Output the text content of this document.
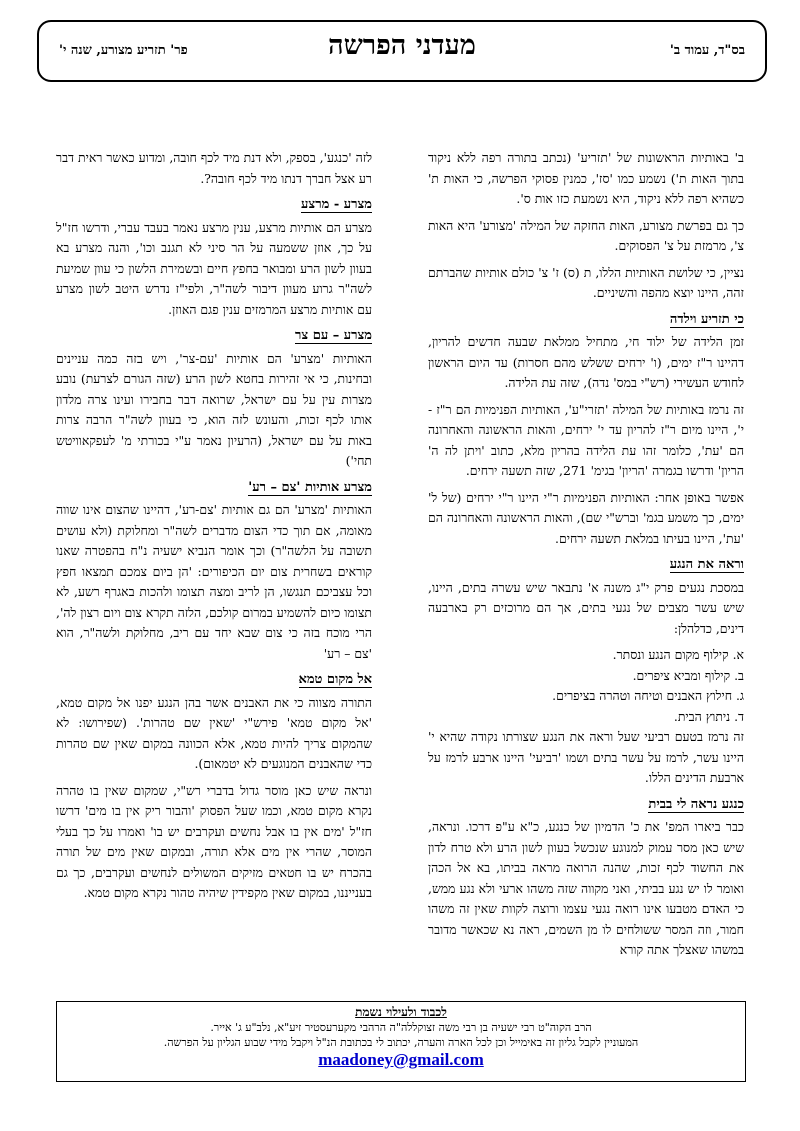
בס"ד, עמוד ב'
מעדני הפרשה
פר' תזריע מצורע, שנה י'

ב' באותיות הראשונות של 'תזריע' (נכתב בתורה רפה ללא ניקוד בתוך האות ת') נשמע כמו 'סז', כמנין פסוקי הפרשה, כי האות ת' כשהיא רפה ללא ניקוד, היא נשמעת כזו אות ס'.

כך גם בפרשת מצורע, האות החזקה של המילה 'מצורע' היא האות צ', מרמזת על צ' הפסוקים.

נציין, כי שלושת האותיות הללו, ת (ס) ז' צ' כולם אותיות שהברתם זהה, היינו יוצא מהפה והשיניים.

כי תזריע וילדה

זמן הלידה של ילוד חי, מתחיל ממלאת שבעה חדשים להריון, דהיינו ר"ז ימים, (ו' ירחים ששלש מהם חסרות) עד היום הראשון לחודש העשירי (רש"י במס' נדה), שזה עת הלידה.

זה נרמז באותיות של המילה 'תזרי"ע', האותיות הפנימיות הם ר"ז - י', היינו מיום ר"ז להריון עד י' ירחים, והאות הראשונה והאחרונה הם 'עת', כלומר זהו עת הלידה בהריון מלא, כתוב 'ויתן לה ה' הריון' ודרשו בגמרה 'הריון' בגימ' 271, שזה תשעה ירחים.

אפשר באופן אחר: האותיות הפנימיות ר"י היינו ר"י ירחים (של ל' ימים, כך משמע בגמ' וברש"י שם), והאות הראשונה והאחרונה הם 'עת', היינו בעיתו במלאת תשעה ירחים.

וראה את הנגע

במסכת נגעים פרק י"ג משנה א' נתבאר שיש עשרה בתים, היינו, שיש עשר מצבים של נגעי בתים, אך הם מרוכזים רק בארבעה דינים, כדלהלן:

א. קילוף מקום הנגע ונסתר.
ב. קילוף ומביא ציפרים.
ג. חילוץ האבנים וטיחה וטהרה בציפרים.
ד. ניתוץ הבית.

זה נרמז בטעם רביעי שעל וראה את הנגע שצורתו נקודה שהיא י' היינו עשר, לרמז על עשר בתים ושמו 'רביעי' היינו ארבע לרמז על ארבעת הדינים הללו.

כנגע נראה לי בבית

כבר ביארו המפ' את כ' הדמיון של כנגע, כ"א ע"פ דרכו. ונראה, שיש כאן מסר עמוק למנוגע שנכשל בעוון לשון הרע ולא טרח לדון את החשוד לכף זכות, שהנה הרואה מראה בביתו, בא אל הכהן ואומר לו יש נגע בביתי, ואני מקווה שזה משהו ארעי ולא נגע ממש, כי האדם מטבעו אינו רואה נגעי עצמו ורוצה לקוות שאין זה משהו חמור, וזה המסר ששולחים לו מן השמים, ראה נא שכאשר מדובר במשהו שאצלך אתה קורא

לזה 'כנגע', בספק, ולא דנת מיד לכף חובה, ומדוע כאשר ראית דבר רע אצל חברך דנתו מיד לכף חובה?.

מצרע - מרצע

מצרע הם אותיות מרצע, ענין מרצע נאמר בעבד עברי, ודרשו חז"ל על כך, אוזן ששמעה על הר סיני לא תגנב וכו', והנה מצרע בא בעוון לשון הרע ומבואר בחפץ חיים ובשמירת הלשון כי עוון שמיעת לשה"ר גרוע מעוון דיבור לשה"ר, ולפי"ז נדרש היטב לשון מצרע עם אותיות מרצע המרמזים ענין פגם האוזן.

מצרע – עם צר

האותיות 'מצרע' הם אותיות 'עם-צר', ויש בזה כמה עניינים ובחינות, כי אי זהירות בחטא לשון הרע (שזה הגורם לצרעת) נובע מצרות עין על עם ישראל, שרואה דבר בחבירו ועינו צרה מלדון אותו לכף זכות, והעונש לזה הוא, כי בעוון לשה"ר הרבה צרות באות על עם ישראל, (הרעיון נאמר ע"י בכורתי מ' לעפקאוויטש תחי')

מצרע אותיות 'צם – רע'

האותיות 'מצרע' הם גם אותיות 'צם-רע', דהיינו שהצום אינו שווה מאומה, אם תוך כדי הצום מדברים לשה"ר ומחלוקת (ולא עושים תשובה על הלשה"ר) וכך אומר הנביא ישעיה נ"ח בהפטרה שאנו קוראים בשחרית צום יום הכיפורים: 'הן ביום צמכם תמצאו חפץ וכל עצביכם תנגשו, הן לריב ומצה תצומו ולהכות באגרף רשע, לא תצומו כיום להשמיע במרום קולכם, הלזה תקרא צום ויום רצון לה', הרי מוכח בזה כי צום שבא יחד עם ריב, מחלוקת ולשה"ר, הוא 'צם – רע'

אל מקום טמא

התורה מצווה כי את האבנים אשר בהן הנגע יפנו אל מקום טמא, 'אל מקום טמא' פירש"י 'שאין שם טהרות'. (שפירושו: לא שהמקום צריך להיות טמא, אלא הכוונה במקום שאין שם טהרות כדי שהאבנים המנוגעים לא יטמאום).

ונראה שיש כאן מוסר גדול בדברי רש"י, שמקום שאין בו טהרה נקרא מקום טמא, וכמו שעל הפסוק 'והבור ריק אין בו מים' דרשו חז"ל 'מים אין בו אבל נחשים ועקרבים יש בו' ואמרו על כך בעלי המוסר, שהרי אין מים אלא תורה, ובמקום שאין מים של תורה בהכרח יש בו חטאים מזיקים המשולים לנחשים ועקרבים, כך גם בענייננו, במקום שאין מקפידין שיהיה טהור נקרא מקום טמא.

לכבוד ולעילוי נשמת
הרב הקוה"ט רבי ישעיה בן רבי משה זצוקללה"ה הרהבי מקערעסטיר זיע"א, נלב"ע ג' אייר.
המעוניין לקבל גליון זה באימייל וכן לכל הארה והערה, יכתוב לי בכתובת הנ"ל ויקבל מידי שבוע הגליון על הפרשה.
maadoney@gmail.com
